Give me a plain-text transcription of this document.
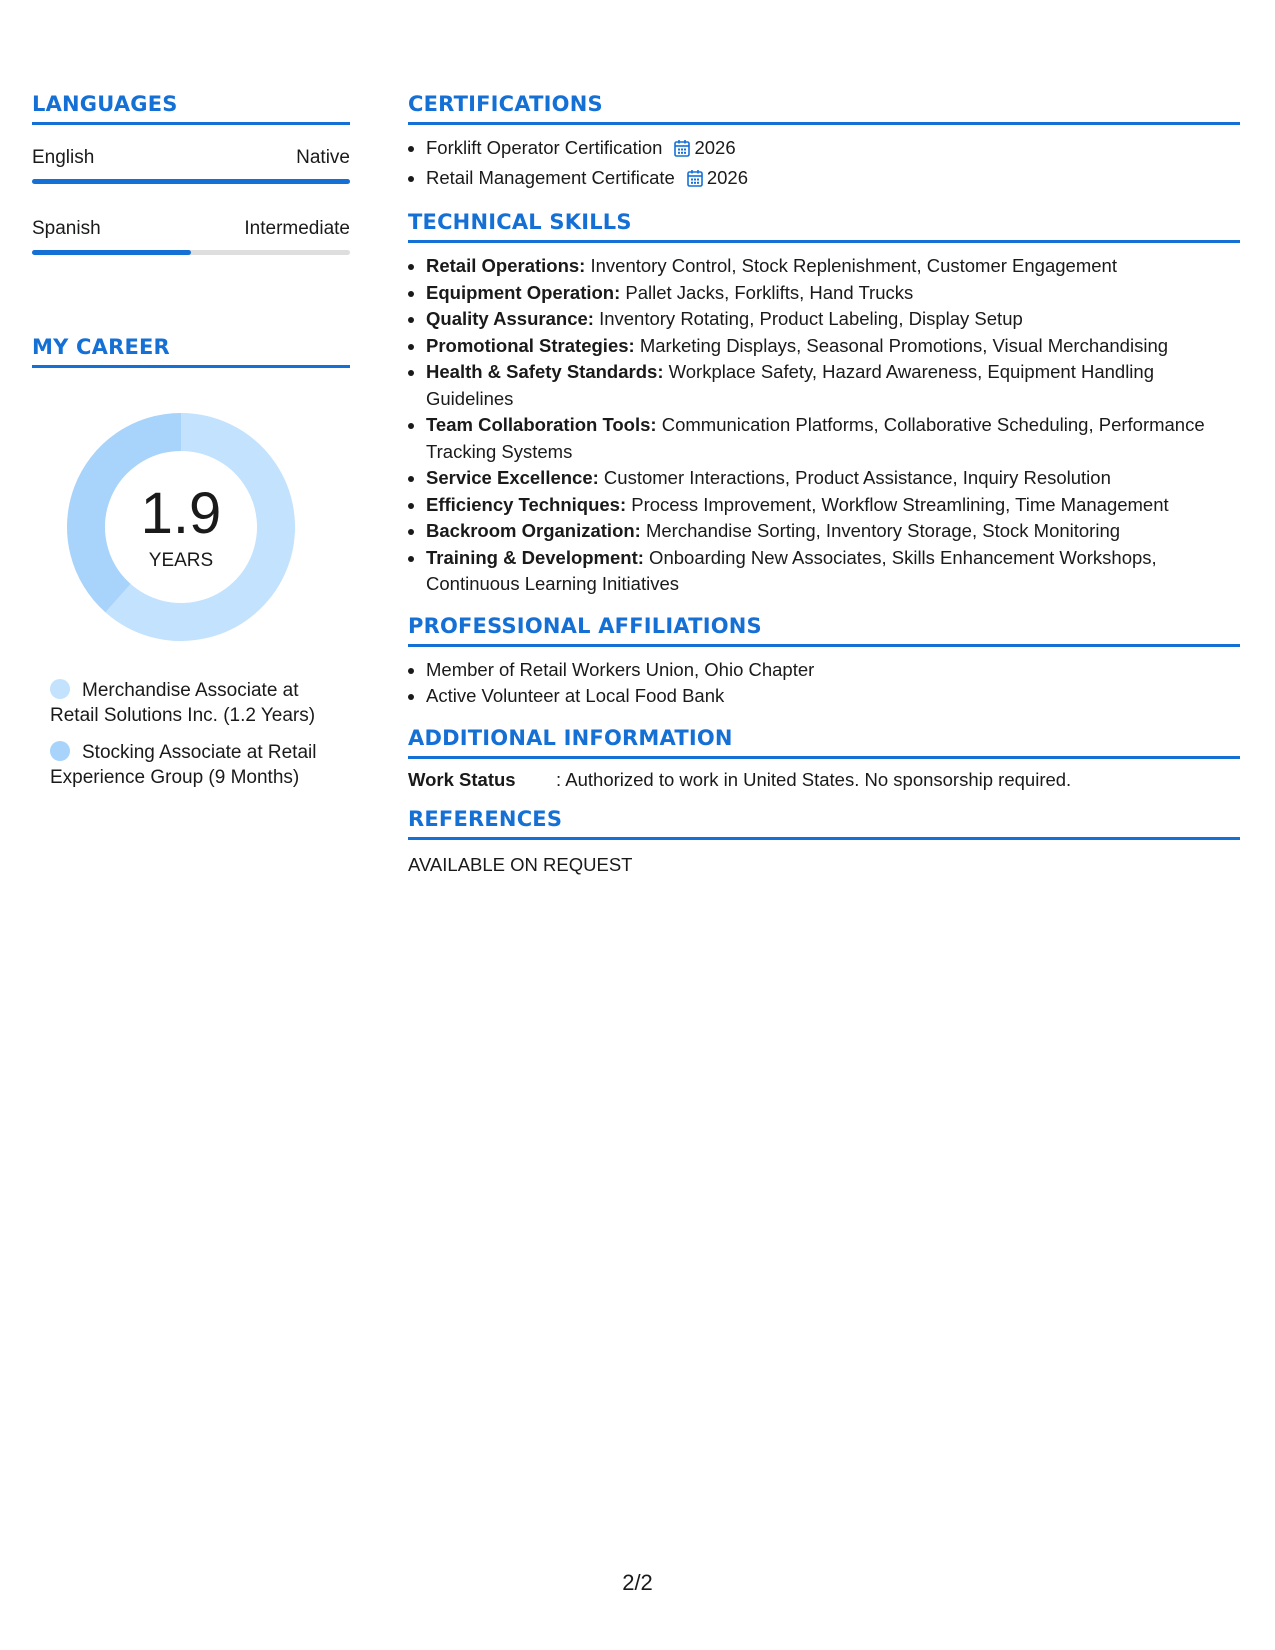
LANGUAGES
English	Native
Spanish	Intermediate
MY CAREER
1.9
YEARS
Merchandise Associate at Retail Solutions Inc. (1.2 Years)
Stocking Associate at Retail Experience Group (9 Months)
CERTIFICATIONS
• Forklift Operator Certification 2026
• Retail Management Certificate 2026
TECHNICAL SKILLS
• Retail Operations: Inventory Control, Stock Replenishment, Customer Engagement
• Equipment Operation: Pallet Jacks, Forklifts, Hand Trucks
• Quality Assurance: Inventory Rotating, Product Labeling, Display Setup
• Promotional Strategies: Marketing Displays, Seasonal Promotions, Visual Merchandising
• Health & Safety Standards: Workplace Safety, Hazard Awareness, Equipment Handling Guidelines
• Team Collaboration Tools: Communication Platforms, Collaborative Scheduling, Performance Tracking Systems
• Service Excellence: Customer Interactions, Product Assistance, Inquiry Resolution
• Efficiency Techniques: Process Improvement, Workflow Streamlining, Time Management
• Backroom Organization: Merchandise Sorting, Inventory Storage, Stock Monitoring
• Training & Development: Onboarding New Associates, Skills Enhancement Workshops, Continuous Learning Initiatives
PROFESSIONAL AFFILIATIONS
• Member of Retail Workers Union, Ohio Chapter
• Active Volunteer at Local Food Bank
ADDITIONAL INFORMATION
Work Status	: Authorized to work in United States. No sponsorship required.
REFERENCES
AVAILABLE ON REQUEST
2/2
